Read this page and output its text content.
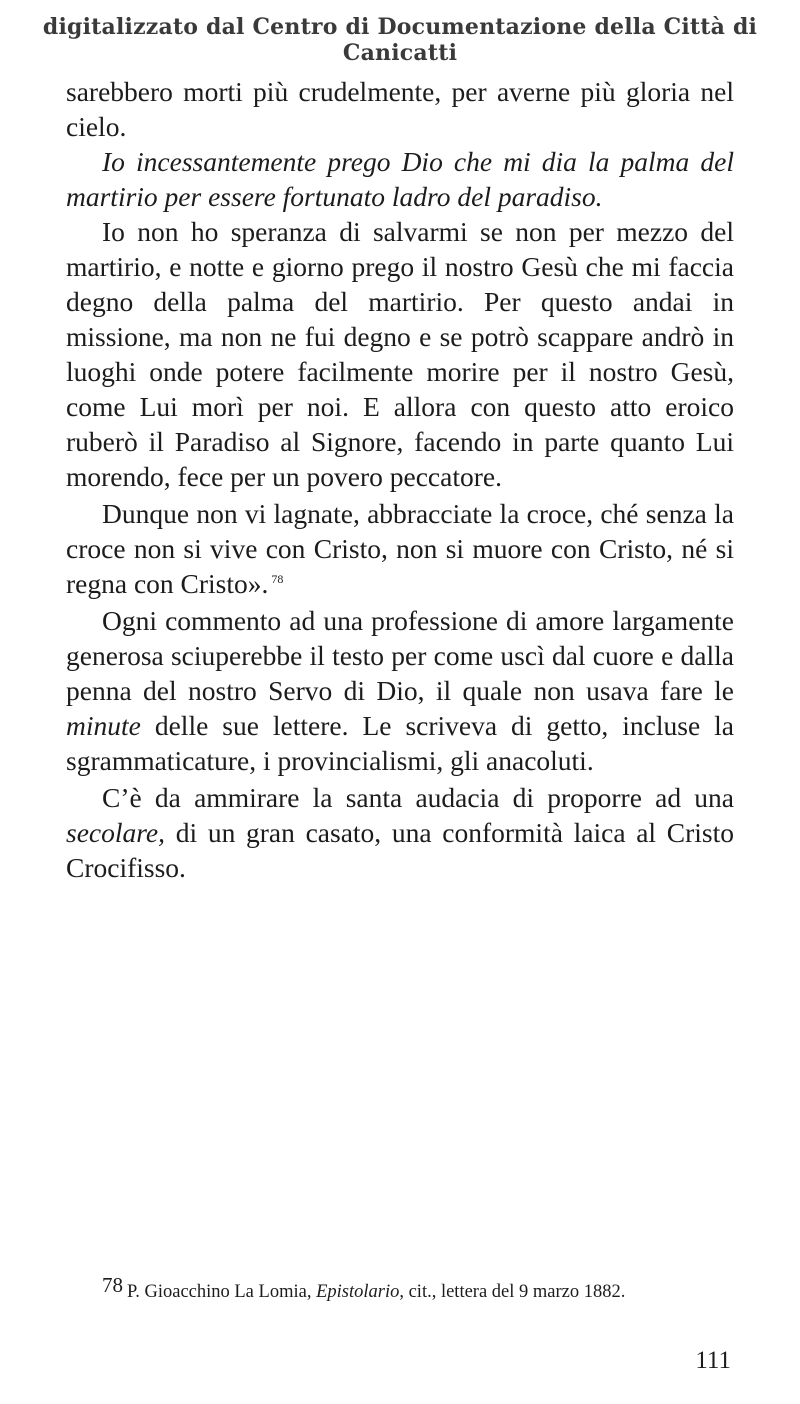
digitalizzato dal Centro di Documentazione della Città di Canicatti

sarebbero morti più crudelmente, per averne più gloria nel cielo.

Io incessantemente prego Dio che mi dia la palma del martirio per essere fortunato ladro del paradiso.

Io non ho speranza di salvarmi se non per mezzo del martirio, e notte e giorno prego il nostro Gesù che mi faccia degno della palma del martirio. Per questo andai in missione, ma non ne fui degno e se potrò scappare andrò in luoghi onde potere facilmente morire per il nostro Gesù, come Lui morì per noi. E allora con questo atto eroico ruberò il Paradiso al Signore, facendo in parte quanto Lui morendo, fece per un povero peccatore.

Dunque non vi lagnate, abbracciate la croce, ché senza la croce non si vive con Cristo, non si muore con Cristo, né si regna con Cristo». $^{78}$

Ogni commento ad una professione di amore largamente generosa sciuperebbe il testo per come uscì dal cuore e dalla penna del nostro Servo di Dio, il quale non usava fare le minute delle sue lettere. Le scriveva di getto, incluse la sgrammaticature, i provincialismi, gli anacoluti.

C’è da ammirare la santa audacia di proporre ad una secolare, di un gran casato, una conformità laica al Cristo Crocifisso.

78 P. Gioacchino La Lomia, Epistolario, cit., lettera del 9 marzo 1882.
111
